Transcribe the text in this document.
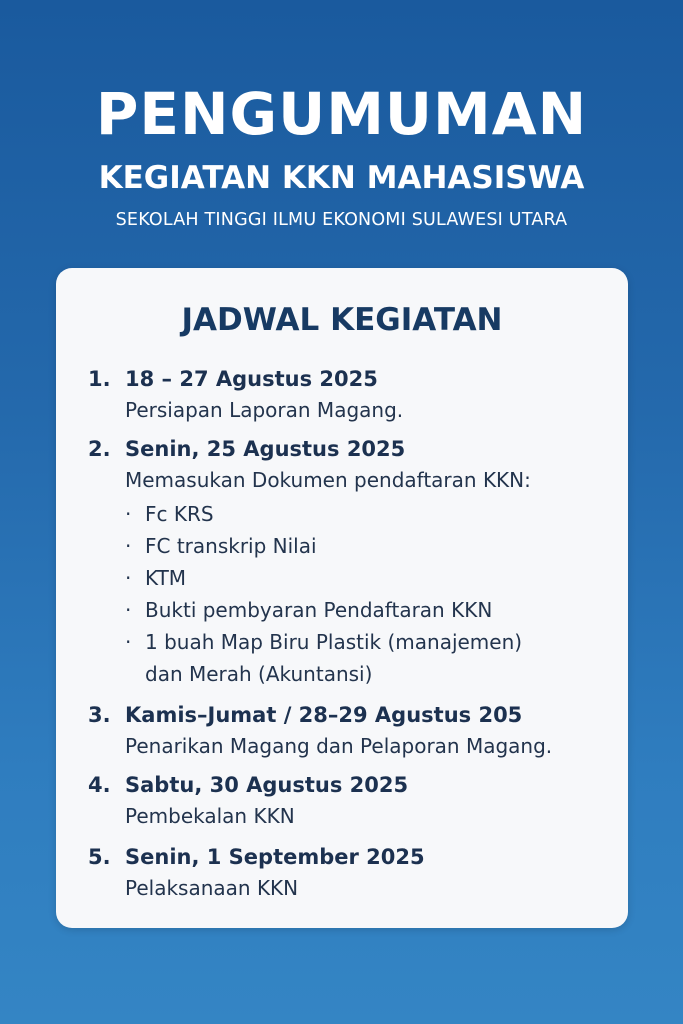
PENGUMUMAN
KEGIATAN KKN MAHASISWA
SEKOLAH TINGGI ILMU EKONOMI SULAWESI UTARA
JADWAL KEGIATAN
1. 18 – 27 Agustus 2025
Persiapan Laporan Magang.
2. Senin, 25 Agustus 2025
Memasukan Dokumen pendaftaran KKN:
· Fc KRS
· FC transkrip Nilai
· KTM
· Bukti pembyaran Pendaftaran KKN
· 1 buah Map Biru Plastik (manajemen)
dan Merah (Akuntansi)
3. Kamis–Jumat / 28–29 Agustus 205
Penarikan Magang dan Pelaporan Magang.
4. Sabtu, 30 Agustus 2025
Pembekalan KKN
5. Senin, 1 September 2025
Pelaksanaan KKN
